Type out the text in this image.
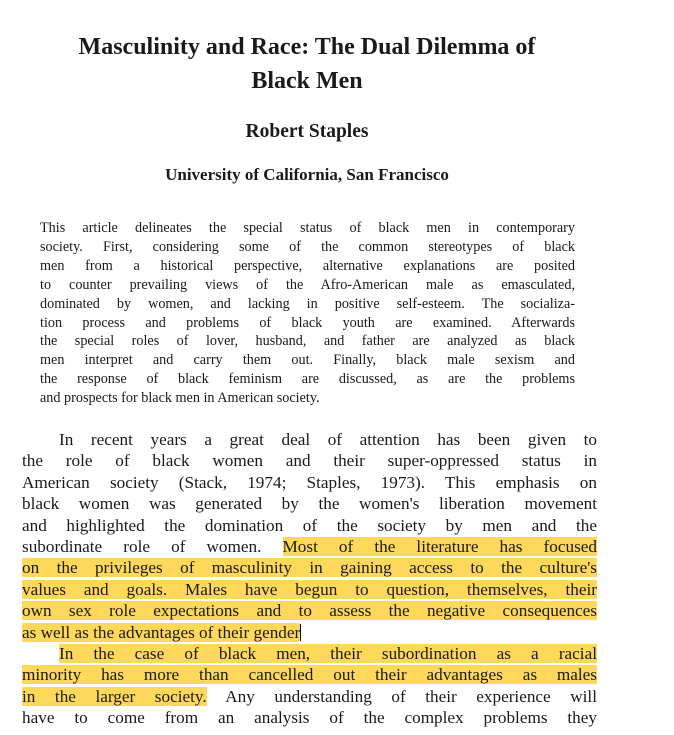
Masculinity and Race: The Dual Dilemma of
Black Men
Robert Staples
University of California, San Francisco
This article delineates the special status of black men in contemporary
society. First, considering some of the common stereotypes of black
men from a historical perspective, alternative explanations are posited
to counter prevailing views of the Afro-American male as emasculated,
dominated by women, and lacking in positive self-esteem. The socializa-
tion process and problems of black youth are examined. Afterwards
the special roles of lover, husband, and father are analyzed as black
men interpret and carry them out. Finally, black male sexism and
the response of black feminism are discussed, as are the problems
and prospects for black men in American society.
In recent years a great deal of attention has been given to
the role of black women and their super-oppressed status in
American society (Stack, 1974; Staples, 1973). This emphasis on
black women was generated by the women's liberation movement
and highlighted the domination of the society by men and the
subordinate role of women. Most of the literature has focused
on the privileges of masculinity in gaining access to the culture's
values and goals. Males have begun to question, themselves, their
own sex role expectations and to assess the negative consequences
as well as the advantages of their gender
In the case of black men, their subordination as a racial
minority has more than cancelled out their advantages as males
in the larger society. Any understanding of their experience will
have to come from an analysis of the complex problems they
